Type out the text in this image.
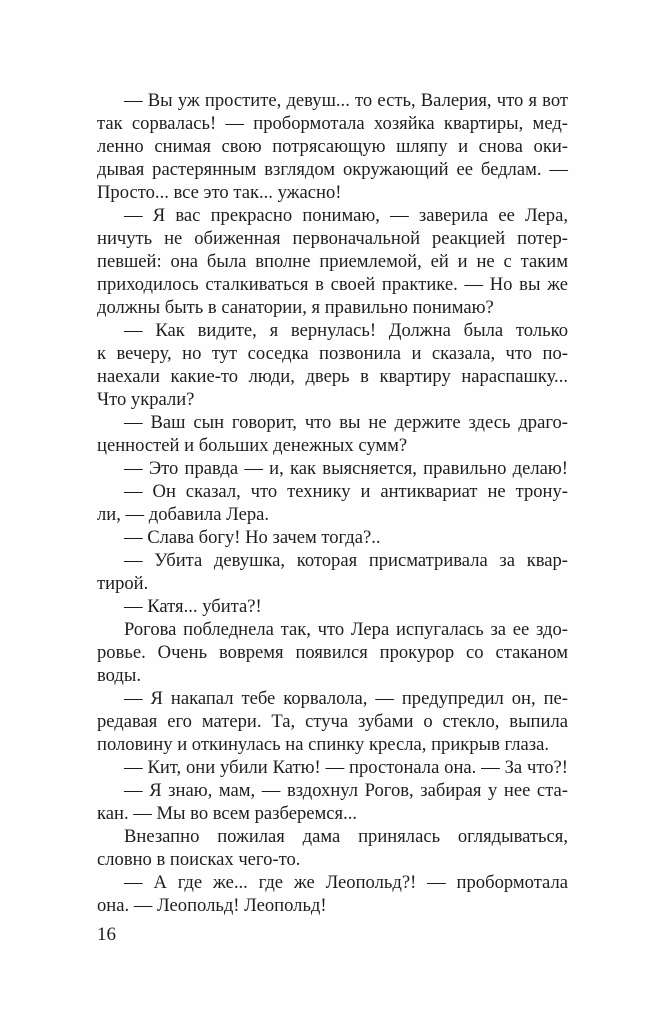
— Вы уж простите, девуш... то есть, Валерия, что я вот
так сорвалась! — пробормотала хозяйка квартиры, мед-
ленно снимая свою потрясающую шляпу и снова оки-
дывая растерянным взглядом окружающий ее бедлам. —
Просто... все это так... ужасно!
— Я вас прекрасно понимаю, — заверила ее Лера,
ничуть не обиженная первоначальной реакцией потер-
певшей: она была вполне приемлемой, ей и не с таким
приходилось сталкиваться в своей практике. — Но вы же
должны быть в санатории, я правильно понимаю?
— Как видите, я вернулась! Должна была только
к вечеру, но тут соседка позвонила и сказала, что по-
наехали какие-то люди, дверь в квартиру нараспашку...
Что украли?
— Ваш сын говорит, что вы не держите здесь драго-
ценностей и больших денежных сумм?
— Это правда — и, как выясняется, правильно делаю!
— Он сказал, что технику и антиквариат не трону-
ли, — добавила Лера.
— Слава богу! Но зачем тогда?..
— Убита девушка, которая присматривала за квар-
тирой.
— Катя... убита?!
Рогова побледнела так, что Лера испугалась за ее здо-
ровье. Очень вовремя появился прокурор со стаканом
воды.
— Я накапал тебе корвалола, — предупредил он, пе-
редавая его матери. Та, стуча зубами о стекло, выпила
половину и откинулась на спинку кресла, прикрыв глаза.
— Кит, они убили Катю! — простонала она. — За что?!
— Я знаю, мам, — вздохнул Рогов, забирая у нее ста-
кан. — Мы во всем разберемся...
Внезапно пожилая дама принялась оглядываться,
словно в поисках чего-то.
— А где же... где же Леопольд?! — пробормотала
она. — Леопольд! Леопольд!
16
